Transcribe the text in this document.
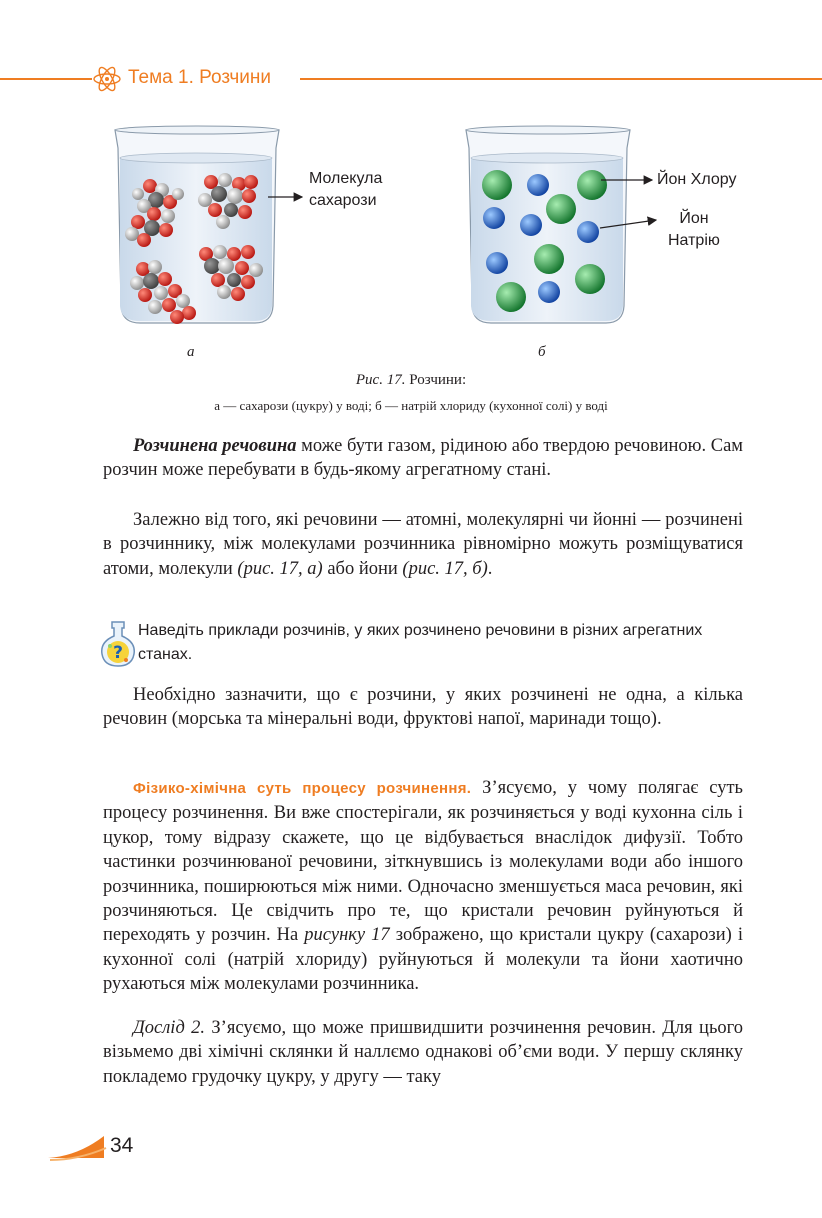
Тема 1. Розчини
Молекула
сахарози
Йон Хлору
Йон
Натрію
а	б
Рис. 17. Розчини:
а — сахарози (цукру) у воді; б — натрій хлориду (кухонної солі) у воді

Розчинена речовина може бути газом, рідиною або твердою речовиною. Сам розчин може перебувати в будь-якому агрегатному стані.

Залежно від того, які речовини — атомні, молекулярні чи йонні — розчинені в розчиннику, між молекулами розчинника рівномірно можуть розміщуватися атоми, молекули (рис. 17, а) або йони (рис. 17, б).

?
Наведіть приклади розчинів, у яких розчинено речовини в різних агрегатних станах.

Необхідно зазначити, що є розчини, у яких розчинені не одна, а кілька речовин (морська та мінеральні води, фруктові напої, маринади тощо).

Фізико-хімічна суть процесу розчинення. З’ясуємо, у чому полягає суть процесу розчинення. Ви вже спостерігали, як розчиняється у воді кухонна сіль і цукор, тому відразу скажете, що це відбувається внаслідок дифузії. Тобто частинки розчинюваної речовини, зіткнувшись із молекулами води або іншого розчинника, поширюються між ними. Одночасно зменшується маса речовин, які розчиняються. Це свідчить про те, що кристали речовин руйнуються й переходять у розчин. На рисунку 17 зображено, що кристали цукру (сахарози) і кухонної солі (натрій хлориду) руйнуються й молекули та йони хаотично рухаються між молекулами розчинника.

Дослід 2. З’ясуємо, що може пришвидшити розчинення речовин. Для цього візьмемо дві хімічні склянки й наллємо однакові об’єми води. У першу склянку покладемо грудочку цукру, у другу — таку

34
